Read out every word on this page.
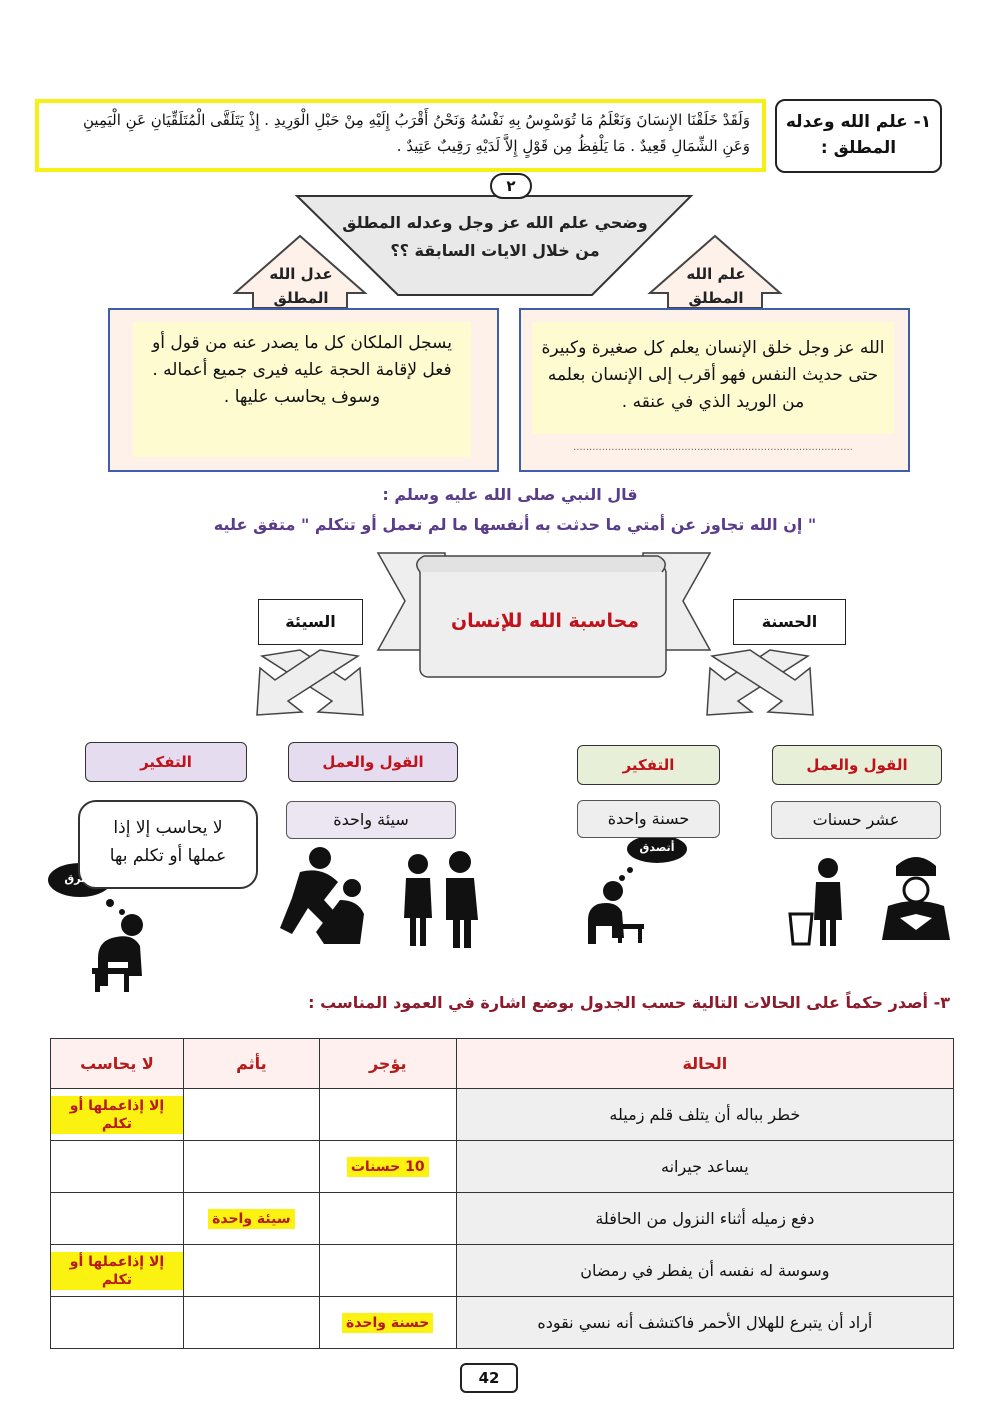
١- علم الله وعدله المطلق :
وَلَقَدْ خَلَقْنَا الإِنسَانَ وَنَعْلَمُ مَا تُوَسْوِسُ بِهِ نَفْسُهُ وَنَحْنُ أَقْرَبُ إِلَيْهِ مِنْ حَبْلِ الْوَرِيدِ . إِذْ يَتَلَقَّى الْمُتَلَقِّيَانِ عَنِ الْيَمِينِ وَعَنِ الشِّمَالِ قَعِيدٌ . مَا يَلْفِظُ مِن قَوْلٍ إِلاَّ لَدَيْهِ رَقِيبٌ عَتِيدٌ .
٢
وضحي علم الله عز وجل وعدله المطلق
من خلال الايات السابقة ؟؟
عدل الله
المطلق
علم الله
المطلق
يسجل الملكان كل ما يصدر عنه من قول أو فعل لإقامة الحجة عليه فيرى جميع أعماله . وسوف يحاسب عليها .
الله عز وجل خلق الإنسان يعلم كل صغيرة وكبيرة حتى حديث النفس فهو أقرب إلى الإنسان بعلمه من الوريد الذي في عنقه .
........................................................................................
قال النبي صلى الله عليه وسلم :
" إن الله تجاوز عن أمتي ما حدثت به أنفسها ما لم تعمل أو تتكلم " متفق عليه
محاسبة الله للإنسان
السيئة	الحسنة
التفكير	القول والعمل	التفكير	القول والعمل
لا يحاسب إلا إذا عملها أو تكلم بها
سيئة واحدة	حسنة واحدة	عشر حسنات
أسرق
أتصدق
٣- أصدر حكماً على الحالات التالية حسب الجدول بوضع اشارة في العمود المناسب :
الحالة	يؤجر	يأثم	لا يحاسب
خطر بباله أن يتلف قلم زميله			إلا إذاعملها أو تكلم
يساعد جيرانه	10 حسنات		
دفع زميله أثناء النزول من الحافلة		سيئة واحدة	
وسوسة له نفسه أن يفطر في رمضان			إلا إذاعملها أو تكلم
أراد أن يتبرع للهلال الأحمر فاكتشف أنه نسي نقوده	حسنة واحدة		
42
